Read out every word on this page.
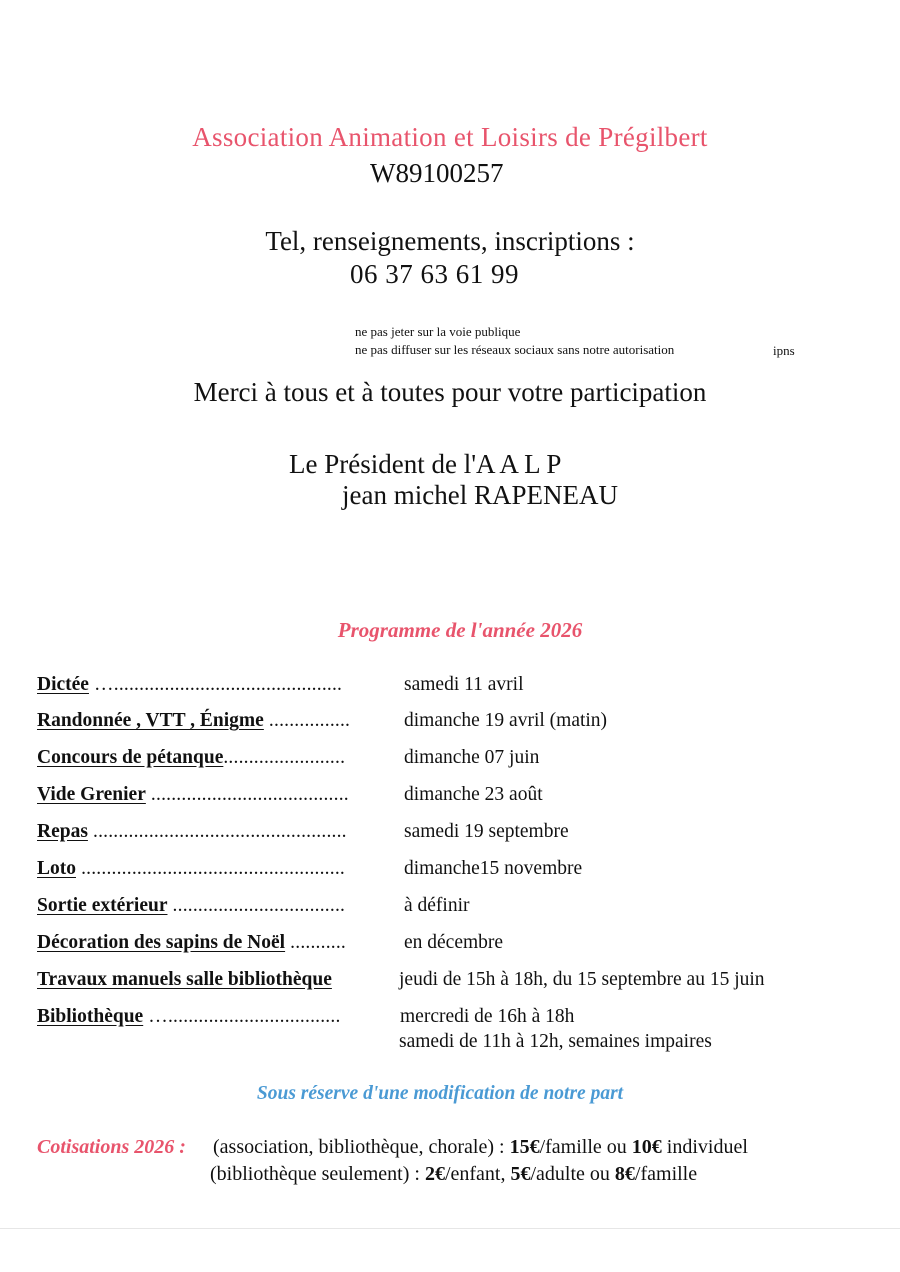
Association Animation et Loisirs de Prégilbert
W89100257
Tel, renseignements, inscriptions :
06 37 63 61 99
ne pas jeter sur la voie publique
ne pas diffuser sur les réseaux sociaux sans notre autorisation	ipns
Merci à tous et à toutes pour votre participation
Le Président de l'A A L P
jean michel RAPENEAU
Programme de l'année 2026
Dictée ….............................................	samedi 11 avril
Randonnée , VTT , Énigme ................	dimanche 19 avril (matin)
Concours de pétanque........................	dimanche 07 juin
Vide Grenier .......................................	dimanche 23 août
Repas ..................................................	samedi 19 septembre
Loto ....................................................	dimanche15 novembre
Sortie extérieur ..................................	à définir
Décoration des sapins de Noël ...........	en décembre
Travaux manuels salle bibliothèque	jeudi de 15h à 18h, du 15 septembre au 15 juin
Bibliothèque …..................................	mercredi de 16h à 18h
samedi de 11h à 12h, semaines impaires
Sous réserve d'une modification de notre part
Cotisations 2026 : (association, bibliothèque, chorale) : 15€/famille ou 10€ individuel
(bibliothèque seulement) : 2€/enfant, 5€/adulte ou 8€/famille
